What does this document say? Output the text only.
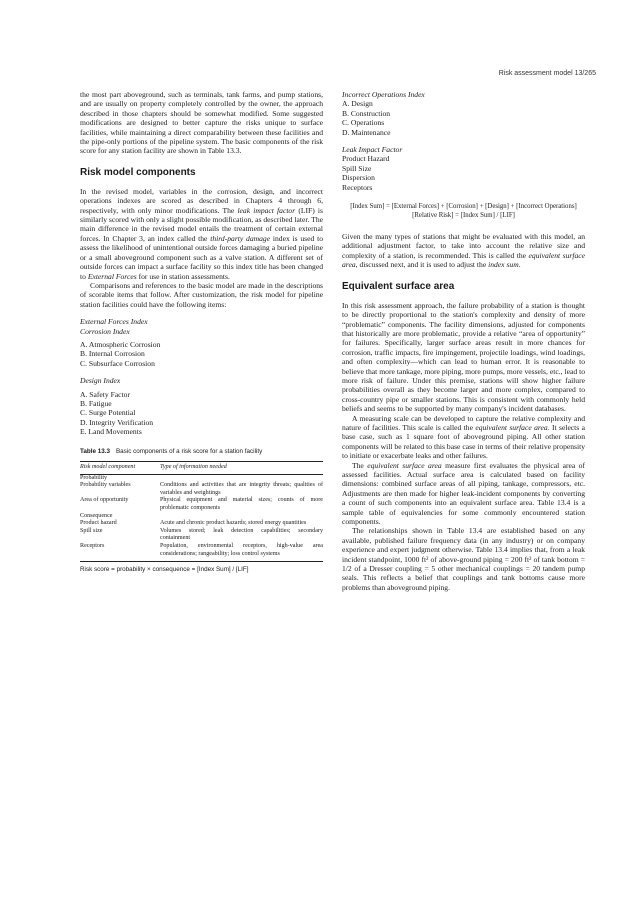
Risk assessment model 13/265

the most part aboveground, such as terminals, tank farms, and pump stations, and are usually on property completely controlled by the owner, the approach described in those chapters should be somewhat modified. Some suggested modifications are designed to better capture the risks unique to surface facilities, while maintaining a direct comparability between these facilities and the pipe-only portions of the pipeline system. The basic components of the risk score for any station facility are shown in Table 13.3.

Risk model components

In the revised model, variables in the corrosion, design, and incorrect operations indexes are scored as described in Chapters 4 through 6, respectively, with only minor modifications. The leak impact factor (LIF) is similarly scored with only a slight possible modification, as described later. The main difference in the revised model entails the treatment of certain external forces. In Chapter 3, an index called the third-party damage index is used to assess the likelihood of unintentional outside forces damaging a buried pipeline or a small aboveground component such as a valve station. A different set of outside forces can impact a surface facility so this index title has been changed to External Forces for use in station assessments.

Comparisons and references to the basic model are made in the descriptions of scorable items that follow. After customization, the risk model for pipeline station facilities could have the following items:

External Forces Index
Corrosion Index
A. Atmospheric Corrosion
B. Internal Corrosion
C. Subsurface Corrosion
Design Index
A. Safety Factor
B. Fatigue
C. Surge Potential
D. Integrity Verification
E. Land Movements
Table 13.3 Basic components of a risk score for a station facility
Risk model component	Type of information needed
Probability	
Probability variables	Conditions and activities that are integrity threats; qualities of variables and weightings
Area of opportunity	Physical equipment and material sizes; counts of more problematic components
Consequence	
Product hazard	Acute and chronic product hazards; stored energy quantities
Spill size	Volumes stored; leak detection capabilities; secondary containment
Receptors	Population, environmental receptors, high-value area considerations; rangeability; loss control systems
Risk score = probability × consequence = [Index Sum] / [LIF]
Incorrect Operations Index
A. Design
B. Construction
C. Operations
D. Maintenance
Leak Impact Factor
Product Hazard
Spill Size
Dispersion
Receptors
[Index Sum] = [External Forces] + [Corrosion] + [Design] + [Incorrect Operations]
[Relative Risk] = [Index Sum] / [LIF]

Given the many types of stations that might be evaluated with this model, an additional adjustment factor, to take into account the relative size and complexity of a station, is recommended. This is called the equivalent surface area, discussed next, and it is used to adjust the index sum.

Equivalent surface area

In this risk assessment approach, the failure probability of a station is thought to be directly proportional to the station's complexity and density of more “problematic” components. The facility dimensions, adjusted for components that historically are more problematic, provide a relative “area of opportunity” for failures. Specifically, larger surface areas result in more chances for corrosion, traffic impacts, fire impingement, projectile loadings, wind loadings, and often complexity—which can lead to human error. It is reasonable to believe that more tankage, more piping, more pumps, more vessels, etc., lead to more risk of failure. Under this premise, stations will show higher failure probabilities overall as they become larger and more complex, compared to cross-country pipe or smaller stations. This is consistent with commonly held beliefs and seems to be supported by many company's incident databases.

A measuring scale can be developed to capture the relative complexity and nature of facilities. This scale is called the equivalent surface area. It selects a base case, such as 1 square foot of aboveground piping. All other station components will be related to this base case in terms of their relative propensity to initiate or exacerbate leaks and other failures.

The equivalent surface area measure first evaluates the physical area of assessed facilities. Actual surface area is calculated based on facility dimensions: combined surface areas of all piping, tankage, compressors, etc. Adjustments are then made for higher leak-incident components by converting a count of such components into an equivalent surface area. Table 13.4 is a sample table of equivalencies for some commonly encountered station components.

The relationships shown in Table 13.4 are established based on any available, published failure frequency data (in any industry) or on company experience and expert judgment otherwise. Table 13.4 implies that, from a leak incident standpoint, 1000 ft² of above-ground piping = 200 ft² of tank bottom = 1/2 of a Dresser coupling = 5 other mechanical couplings = 20 tandem pump seals. This reflects a belief that couplings and tank bottoms cause more problems than aboveground piping.
